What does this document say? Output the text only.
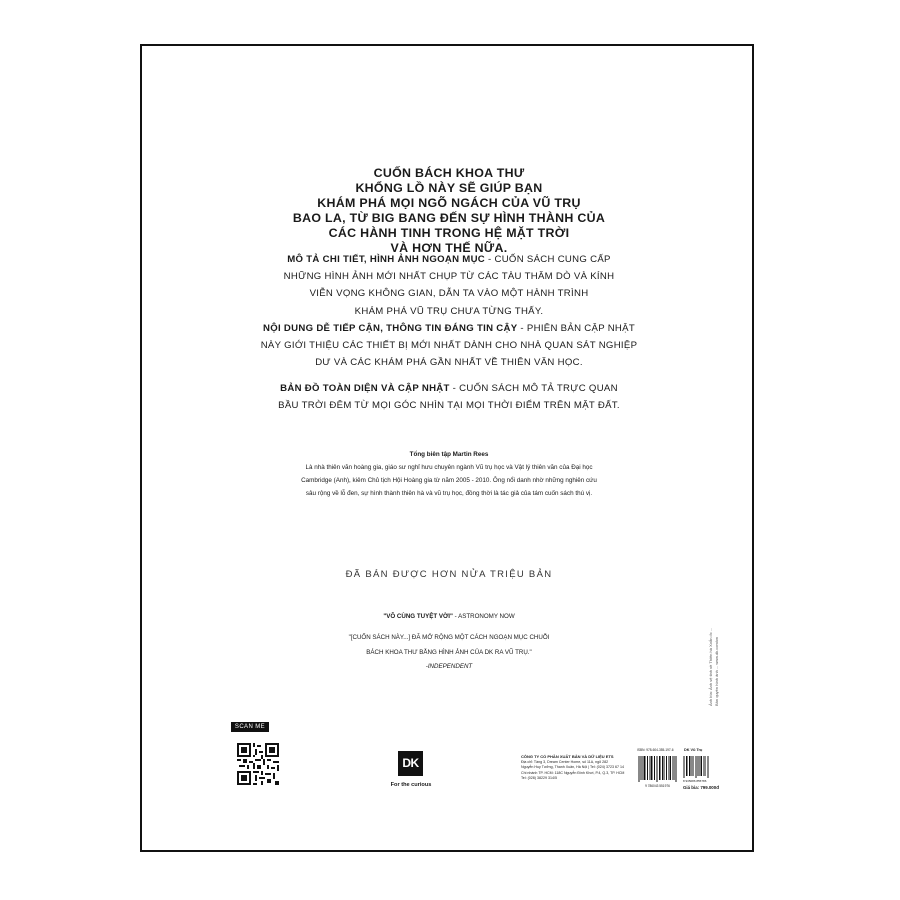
CUỐN BÁCH KHOA THƯ
KHỔNG LỒ NÀY SẼ GIÚP BẠN
KHÁM PHÁ MỌI NGÕ NGÁCH CỦA VŨ TRỤ
BAO LA, TỪ BIG BANG ĐẾN SỰ HÌNH THÀNH CỦA
CÁC HÀNH TINH TRONG HỆ MẶT TRỜI
VÀ HƠN THẾ NỮA.
MÔ TẢ CHI TIẾT, HÌNH ẢNH NGOẠN MỤC - CUỐN SÁCH CUNG CẤP
NHỮNG HÌNH ẢNH MỚI NHẤT CHỤP TỪ CÁC TÀU THĂM DÒ VÀ KÍNH
VIỄN VỌNG KHÔNG GIAN, DẪN TA VÀO MỘT HÀNH TRÌNH
KHÁM PHÁ VŨ TRỤ CHƯA TỪNG THẤY.
NỘI DUNG DỄ TIẾP CẬN, THÔNG TIN ĐÁNG TIN CẬY - PHIÊN BẢN CẬP NHẬT
NÀY GIỚI THIỆU CÁC THIẾT BỊ MỚI NHẤT DÀNH CHO NHÀ QUAN SÁT NGHIỆP
DƯ VÀ CÁC KHÁM PHÁ GẦN NHẤT VỀ THIÊN VĂN HỌC.
BẢN ĐỒ TOÀN DIỆN VÀ CẬP NHẬT - CUỐN SÁCH MÔ TẢ TRỰC QUAN
BẦU TRỜI ĐÊM TỪ MỌI GÓC NHÌN TẠI MỌI THỜI ĐIỂM TRÊN MẶT ĐẤT.
Tổng biên tập Martin Rees
Là nhà thiên văn hoàng gia, giáo sư nghỉ hưu chuyên ngành Vũ trụ học và Vật lý thiên văn của Đại học
Cambridge (Anh), kiêm Chủ tịch Hội Hoàng gia từ năm 2005 - 2010. Ông nổi danh nhờ những nghiên cứu
sâu rộng về lỗ đen, sự hình thành thiên hà và vũ trụ học, đồng thời là tác giả của tám cuốn sách thú vị.
ĐÃ BÁN ĐƯỢC HƠN NỬA TRIỆU BẢN
"VÔ CÙNG TUYỆT VỜI" - ASTRONOMY NOW
"[CUỐN SÁCH NÀY...] ĐÃ MỞ RỘNG MỘT CÁCH NGOẠN MỤC CHUỖI
BÁCH KHOA THƯ BẰNG HÌNH ẢNH CỦA DK RA VŨ TRỤ."
-INDEPENDENT	Ảnh bìa: Ảnh vệ tinh về Thiên hà Xoắn ốc ... Bản quyền hình ảnh ... www.dk.com/vn
SCAN ME
DK
For the curious
CÔNG TY CỔ PHẦN XUẤT BẢN VÀ DỮ LIỆU ETS
Địa chỉ: Tầng 3, Dream Center Home, số 11A, ngõ 282
Nguyễn Huy Tưởng, Thanh Xuân, Hà Nội | Tel: (024) 3723 67 14
Chi nhánh TP. HCM: 118C Nguyễn Đình Khơi, P.4, Q.3, TP. HCM
Tel: (028) 38229 314/5
ISBN: 978-604-355-197-6
9 786043 551976
DK Vũ Trụ
8 935086 855786
Giá bìa: 799.000đ
